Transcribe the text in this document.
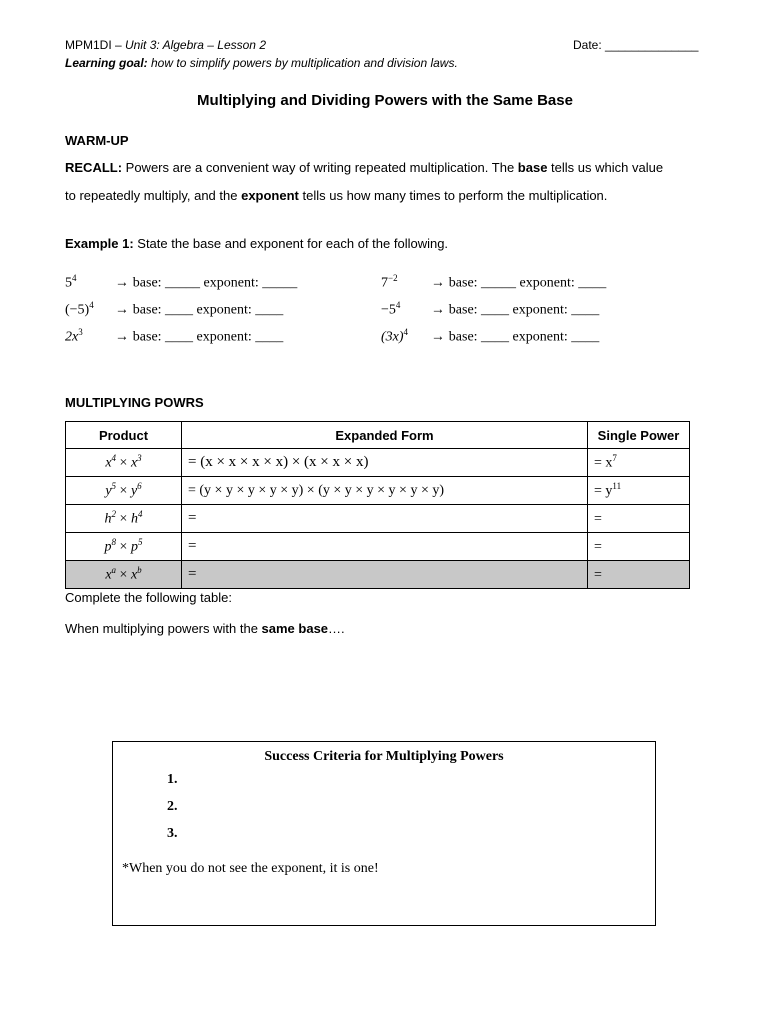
MPM1DI – Unit 3: Algebra – Lesson 2	Date: ______________
Learning goal: how to simplify powers by multiplication and division laws.
Multiplying and Dividing Powers with the Same Base
WARM-UP
RECALL: Powers are a convenient way of writing repeated multiplication. The base tells us which value
to repeatedly multiply, and the exponent tells us how many times to perform the multiplication.
Example 1: State the base and exponent for each of the following.
$5^4$	→ base: _____ exponent: _____
$(-5)^4$ → base: ____ exponent: ____
$2x^3$ → base: ____ exponent: ____
$7^{-2}$ → base: _____ exponent: ____
$-5^4$ → base: ____ exponent: ____
$(3x)^4$ → base: ____ exponent: ____
MULTIPLYING POWRS
Product	Expanded Form	Single Power
$x^4 \times x^3$	= (x × x × x × x) × (x × x × x)	= $x^7$
$y^5 \times y^6$	= (y × y × y × y × y) × (y × y × y × y × y × y)	= $y^{11}$
$h^2 \times h^4$	=	=
$p^8 \times p^5$	=	=
$x^a \times x^b$	=	=
Complete the following table:
When multiplying powers with the same base….
Success Criteria for Multiplying Powers
1.
2.
3.
*When you do not see the exponent, it is one!
